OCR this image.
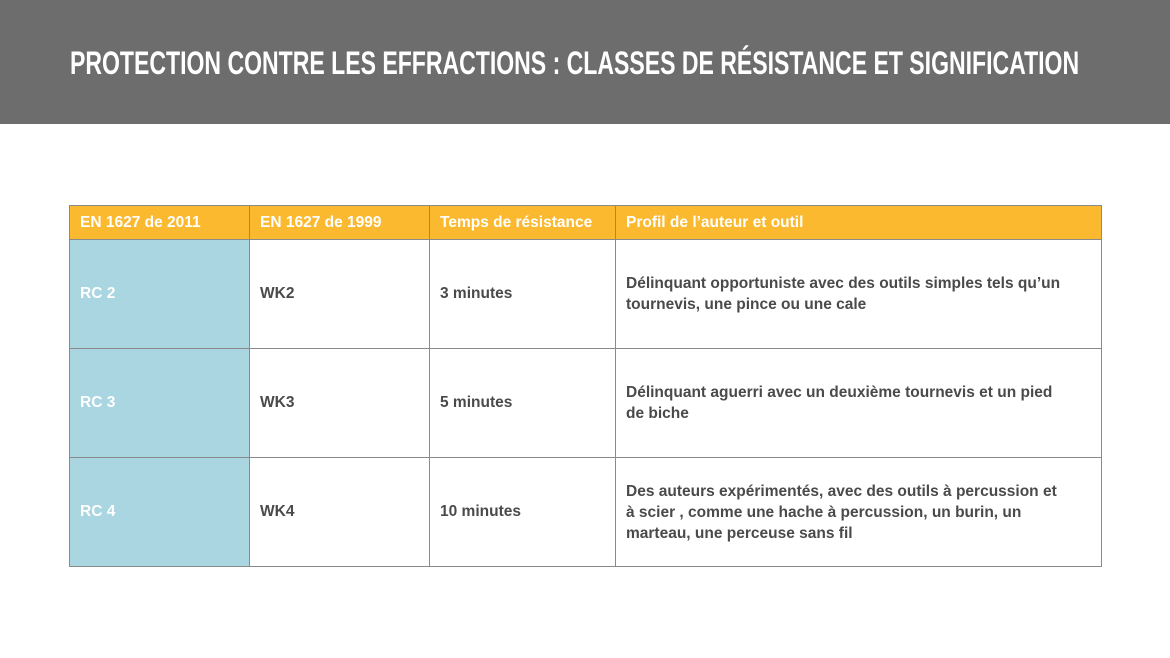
PROTECTION CONTRE LES EFFRACTIONS : CLASSES DE RÉSISTANCE ET SIGNIFICATION
EN 1627 de 2011	EN 1627 de 1999	Temps de résistance	Profil de l’auteur et outil
RC 2	WK2	3 minutes	Délinquant opportuniste avec des outils simples tels qu’un tournevis, une pince ou une cale
RC 3	WK3	5 minutes	Délinquant aguerri avec un deuxième tournevis et un pied de biche
RC 4	WK4	10 minutes	Des auteurs expérimentés, avec des outils à percussion et à scier , comme une hache à percussion, un burin, un marteau, une perceuse sans fil
